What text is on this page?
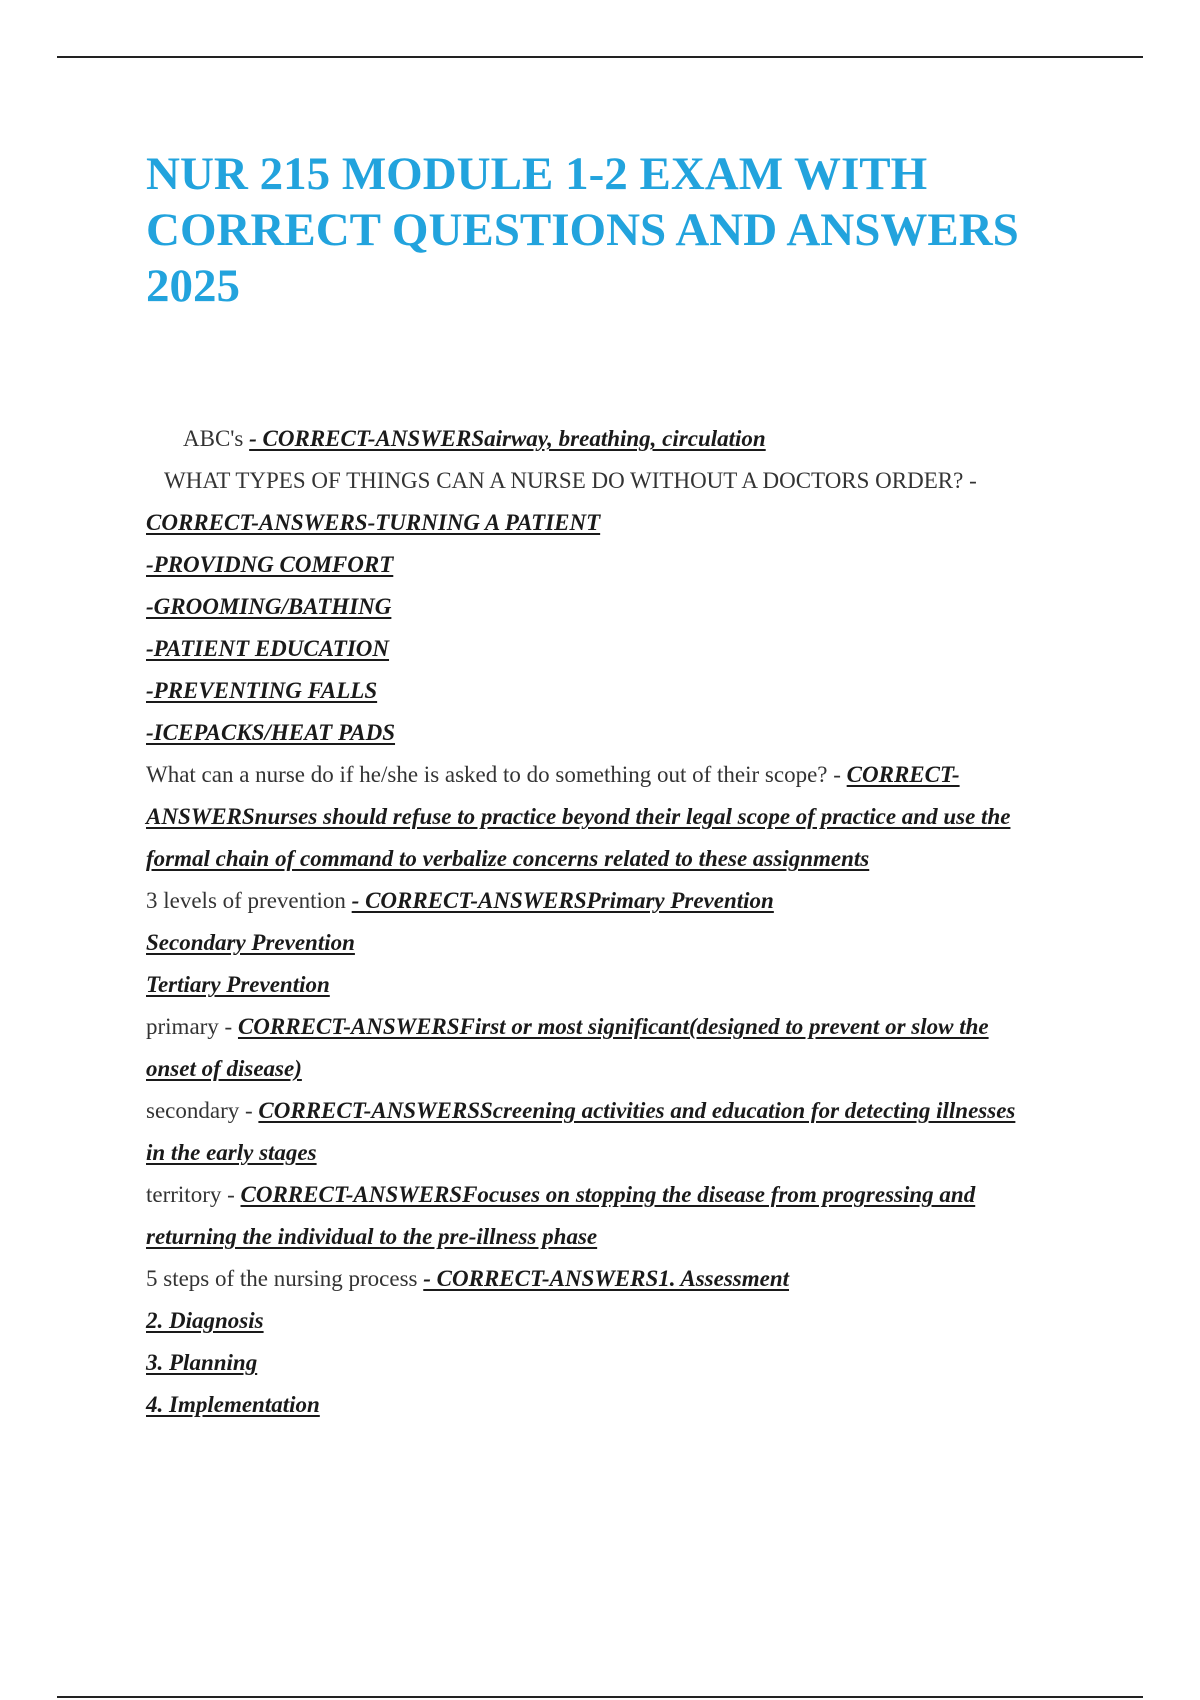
NUR 215 MODULE 1-2 EXAM WITH
CORRECT QUESTIONS AND ANSWERS
2025
ABC's - CORRECT-ANSWERSairway, breathing, circulation
WHAT TYPES OF THINGS CAN A NURSE DO WITHOUT A DOCTORS ORDER? -
CORRECT-ANSWERS-TURNING A PATIENT
-PROVIDNG COMFORT
-GROOMING/BATHING
-PATIENT EDUCATION
-PREVENTING FALLS
-ICEPACKS/HEAT PADS
What can a nurse do if he/she is asked to do something out of their scope? - CORRECT-
ANSWERSnurses should refuse to practice beyond their legal scope of practice and use the
formal chain of command to verbalize concerns related to these assignments
3 levels of prevention - CORRECT-ANSWERSPrimary Prevention
Secondary Prevention
Tertiary Prevention
primary - CORRECT-ANSWERSFirst or most significant(designed to prevent or slow the
onset of disease)
secondary - CORRECT-ANSWERSScreening activities and education for detecting illnesses
in the early stages
territory - CORRECT-ANSWERSFocuses on stopping the disease from progressing and
returning the individual to the pre-illness phase
5 steps of the nursing process - CORRECT-ANSWERS1. Assessment
2. Diagnosis
3. Planning
4. Implementation
